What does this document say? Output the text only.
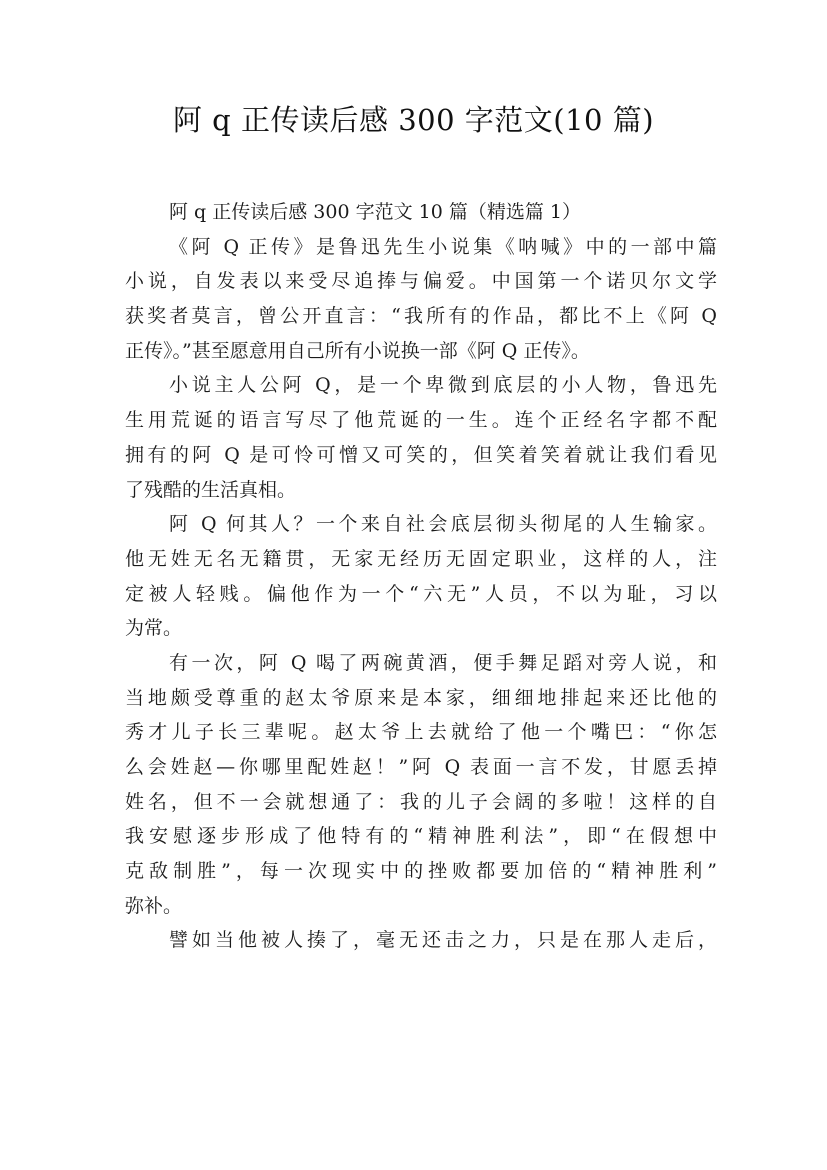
阿 q 正传读后感 300 字范文(10 篇)
阿 q 正传读后感 300 字范文 10 篇（精选篇 1）
《阿 Q 正传》是鲁迅先生小说集《呐喊》中的一部中篇
小说，自发表以来受尽追捧与偏爱。中国第一个诺贝尔文学
获奖者莫言，曾公开直言：“我所有的作品，都比不上《阿 Q
正传》。”甚至愿意用自己所有小说换一部《阿 Q 正传》。
小说主人公阿 Q，是一个卑微到底层的小人物，鲁迅先
生用荒诞的语言写尽了他荒诞的一生。连个正经名字都不配
拥有的阿 Q 是可怜可憎又可笑的，但笑着笑着就让我们看见
了残酷的生活真相。
阿 Q 何其人？一个来自社会底层彻头彻尾的人生输家。
他无姓无名无籍贯，无家无经历无固定职业，这样的人，注
定被人轻贱。偏他作为一个“六无”人员，不以为耻，习以
为常。
有一次，阿 Q 喝了两碗黄酒，便手舞足蹈对旁人说，和
当地颇受尊重的赵太爷原来是本家，细细地排起来还比他的
秀才儿子长三辈呢。赵太爷上去就给了他一个嘴巴：“你怎
么会姓赵—你哪里配姓赵！”阿 Q 表面一言不发，甘愿丢掉
姓名，但不一会就想通了：我的儿子会阔的多啦！这样的自
我安慰逐步形成了他特有的“精神胜利法”，即“在假想中
克敌制胜”，每一次现实中的挫败都要加倍的“精神胜利”
弥补。
譬如当他被人揍了，毫无还击之力，只是在那人走后，
